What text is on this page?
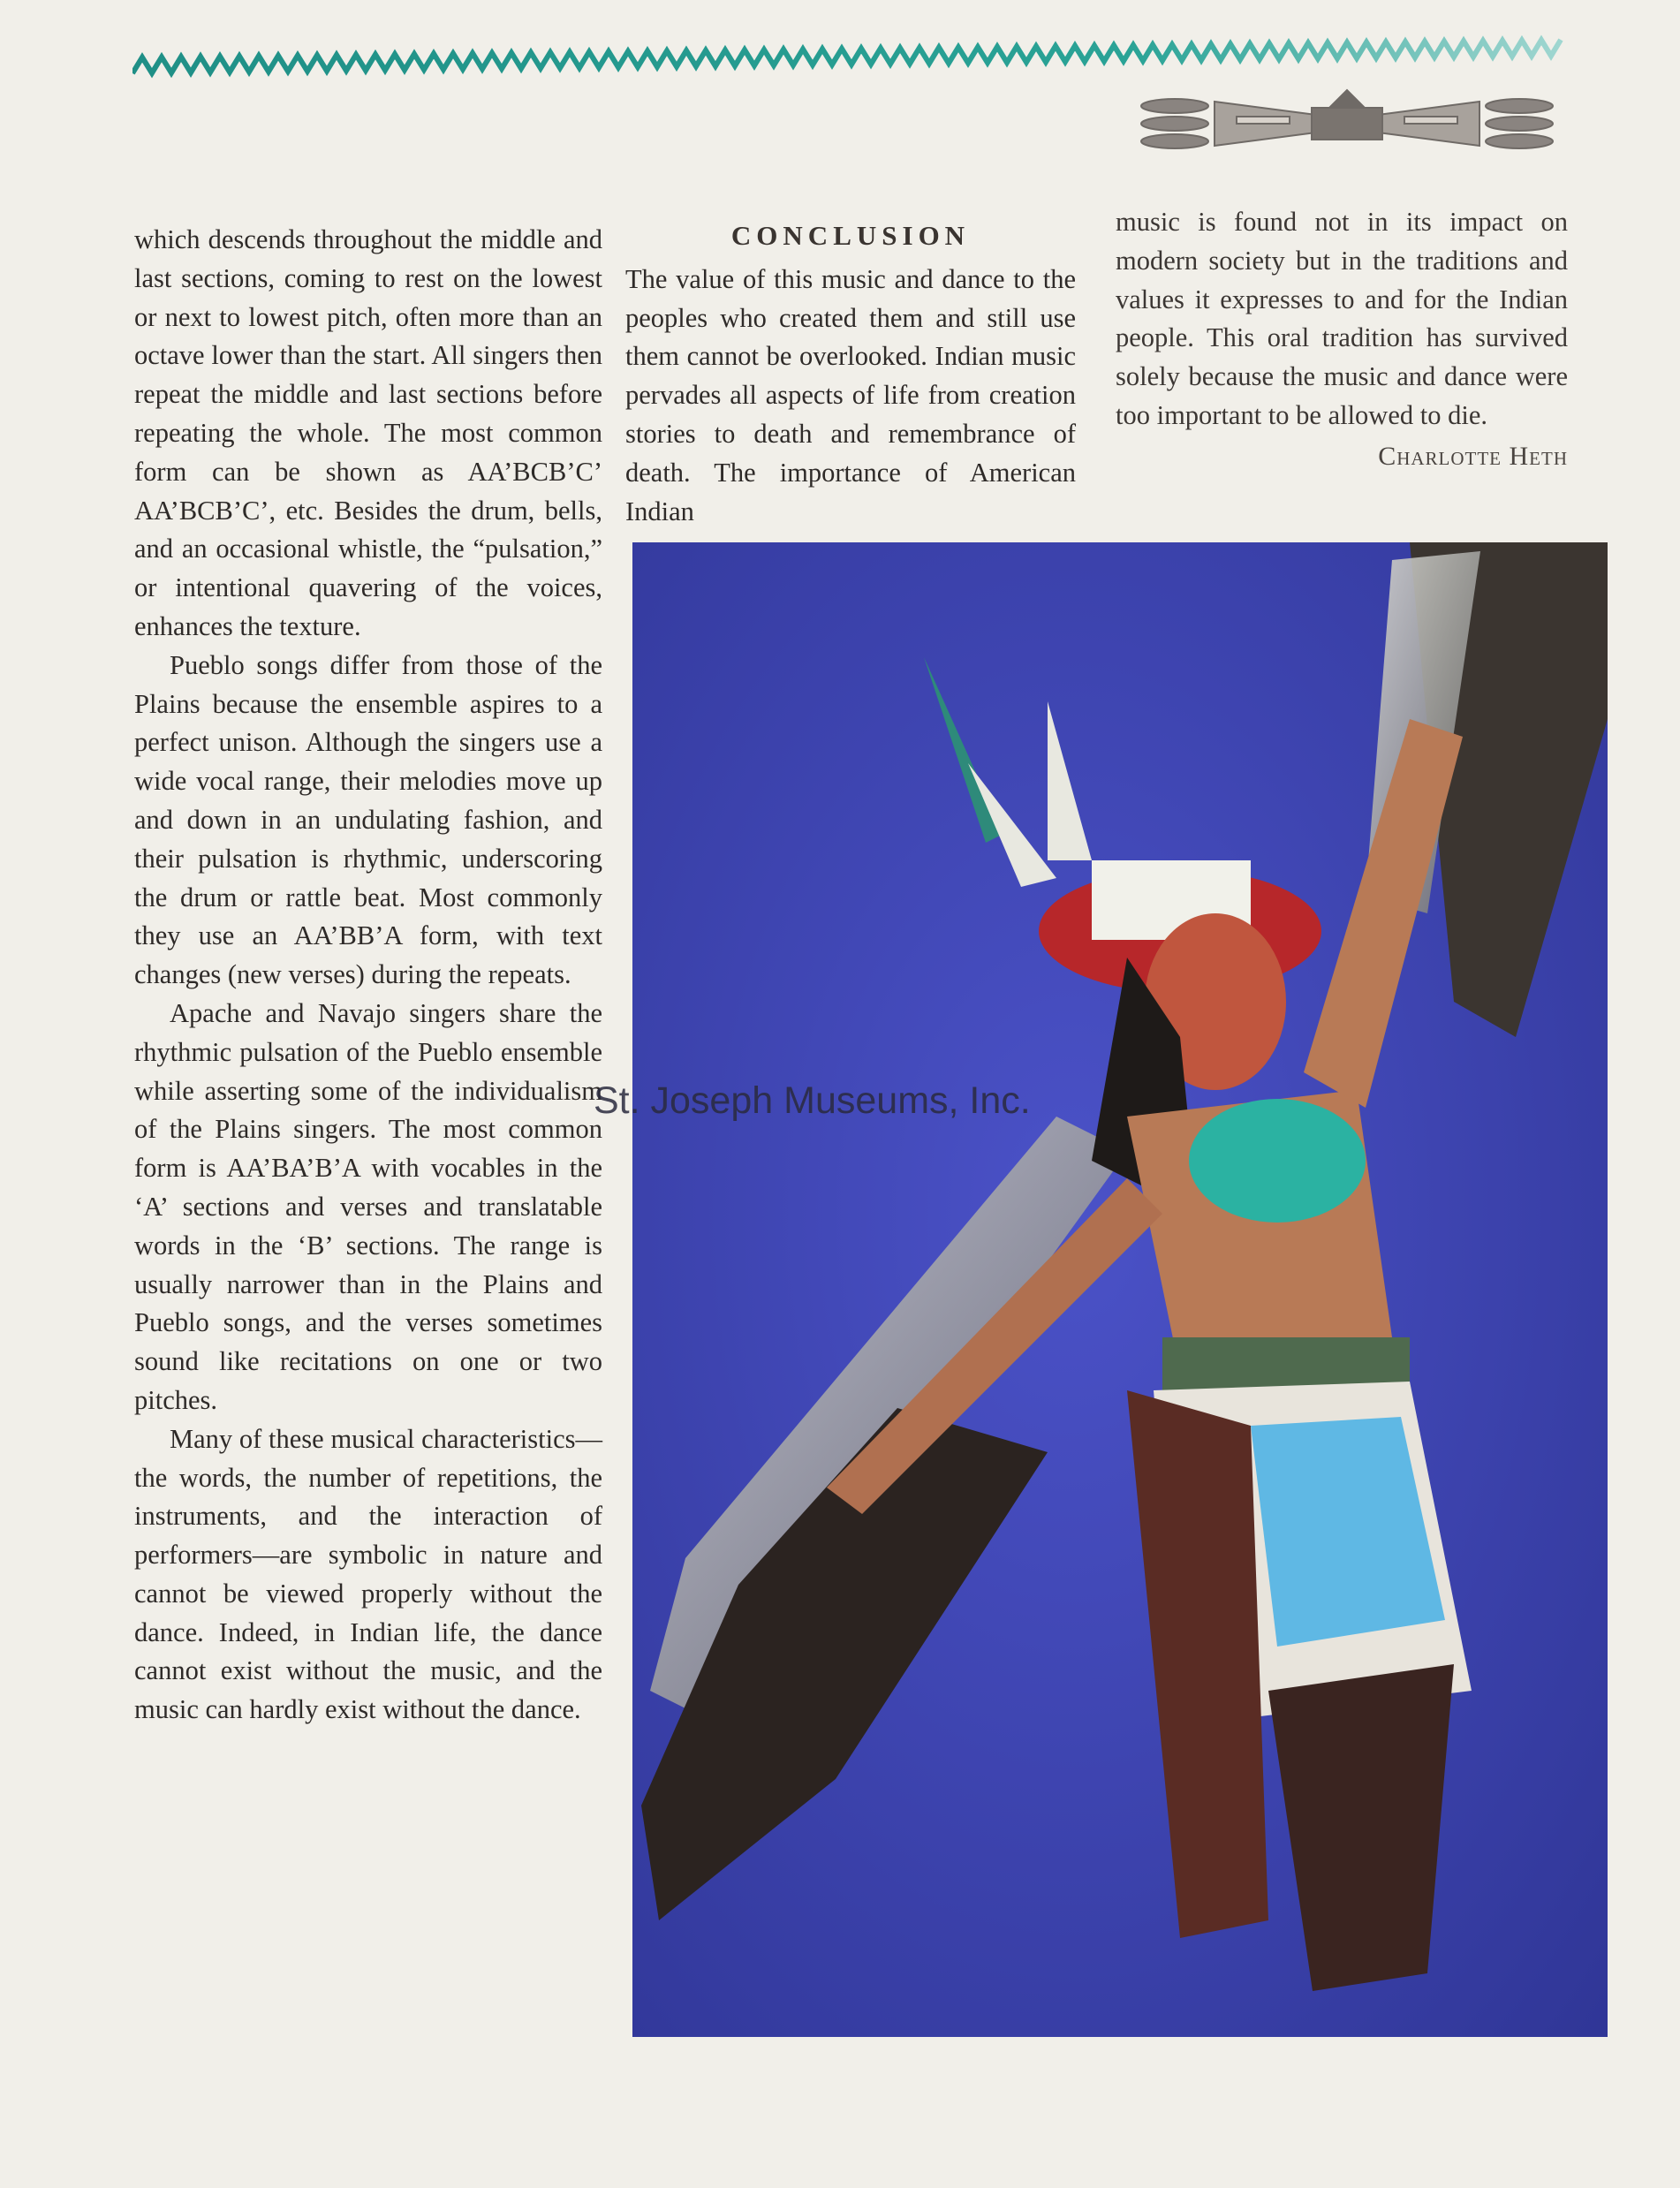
which descends throughout the middle and last sections, coming to rest on the lowest or next to lowest pitch, often more than an octave lower than the start. All singers then repeat the middle and last sections before repeating the whole. The most common form can be shown as AA’BCB’C’ AA’BCB’C’, etc. Besides the drum, bells, and an occasional whistle, the “pulsation,” or intentional quavering of the voices, enhances the texture.

Pueblo songs differ from those of the Plains because the ensemble aspires to a perfect unison. Although the singers use a wide vocal range, their melodies move up and down in an undulating fashion, and their pulsation is rhythmic, underscoring the drum or rattle beat. Most commonly they use an AA’BB’A form, with text changes (new verses) during the repeats.

Apache and Navajo singers share the rhythmic pulsation of the Pueblo ensemble while asserting some of the individualism of the Plains singers. The most common form is AA’BA’B’A with vocables in the ‘A’ sections and verses and translatable words in the ‘B’ sections. The range is usually narrower than in the Plains and Pueblo songs, and the verses sometimes sound like recitations on one or two pitches.

Many of these musical characteristics—the words, the number of repetitions, the instruments, and the interaction of performers—are symbolic in nature and cannot be viewed properly without the dance. Indeed, in Indian life, the dance cannot exist without the music, and the music can hardly exist without the dance.

CONCLUSION

The value of this music and dance to the peoples who created them and still use them cannot be overlooked. Indian music pervades all aspects of life from creation stories to death and remembrance of death. The importance of American Indian

music is found not in its impact on modern society but in the traditions and values it expresses to and for the Indian people. This oral tradition has survived solely because the music and dance were too important to be allowed to die.

Charlotte Heth
St. Joseph Museums, Inc.
